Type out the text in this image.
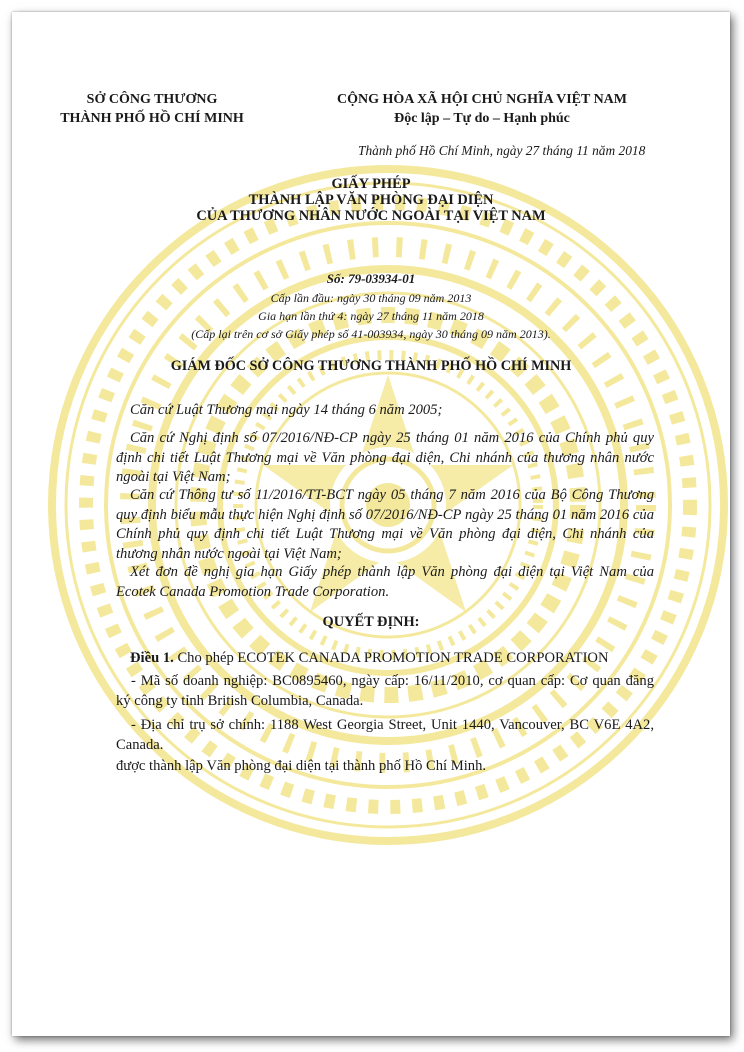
SỞ CÔNG THƯƠNG
THÀNH PHỐ HỒ CHÍ MINH
CỘNG HÒA XÃ HỘI CHỦ NGHĨA VIỆT NAM
Độc lập – Tự do – Hạnh phúc
Thành phố Hồ Chí Minh, ngày 27 tháng 11 năm 2018
GIẤY PHÉP
THÀNH LẬP VĂN PHÒNG ĐẠI DIỆN
CỦA THƯƠNG NHÂN NƯỚC NGOÀI TẠI VIỆT NAM
Số: 79-03934-01
Cấp lần đầu: ngày 30 tháng 09 năm 2013
Gia hạn lần thứ 4: ngày 27 tháng 11 năm 2018
(Cấp lại trên cơ sở Giấy phép số 41-003934, ngày 30 tháng 09 năm 2013).
GIÁM ĐỐC SỞ CÔNG THƯƠNG THÀNH PHỐ HỒ CHÍ MINH
Căn cứ Luật Thương mại ngày 14 tháng 6 năm 2005;
Căn cứ Nghị định số 07/2016/NĐ-CP ngày 25 tháng 01 năm 2016 của Chính phủ quy định chi tiết Luật Thương mại về Văn phòng đại diện, Chi nhánh của thương nhân nước ngoài tại Việt Nam;
Căn cứ Thông tư số 11/2016/TT-BCT ngày 05 tháng 7 năm 2016 của Bộ Công Thương quy định biểu mẫu thực hiện Nghị định số 07/2016/NĐ-CP ngày 25 tháng 01 năm 2016 của Chính phủ quy định chi tiết Luật Thương mại về Văn phòng đại diện, Chi nhánh của thương nhân nước ngoài tại Việt Nam;
Xét đơn đề nghị gia hạn Giấy phép thành lập Văn phòng đại diện tại Việt Nam của Ecotek Canada Promotion Trade Corporation.
QUYẾT ĐỊNH:
Điều 1. Cho phép ECOTEK CANADA PROMOTION TRADE CORPORATION
- Mã số doanh nghiệp: BC0895460, ngày cấp: 16/11/2010, cơ quan cấp: Cơ quan đăng ký công ty tỉnh British Columbia, Canada.
- Địa chỉ trụ sở chính: 1188 West Georgia Street, Unit 1440, Vancouver, BC V6E 4A2, Canada.
được thành lập Văn phòng đại diện tại thành phố Hồ Chí Minh.
